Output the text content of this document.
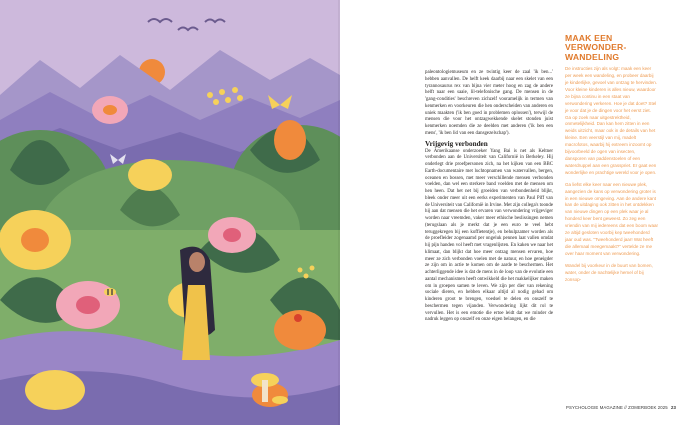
paleontologiemuseum en ze twintig keer de zaal 'ik ben...' hebben aanvallen. De helft keek daarbij naar een skelet van een tyrannosaurus rex van bijna vier meter hoog en zag de andere helft naar een saaie, lil-telefonische gang. De mensen in de 'gang-condities' beschreven zichzelf vooramelijk in termen van kenmerken en voorkeuren die hen onderscheiden van anderen en uniek maakten ('ik ben goed in problemen oplossen'), terwijl de mensen die voor het ontzagwekkende skelet stonden juist kenmerken noemden die ze deelden met anderen ('ik ben een mens', 'ik ben lid van een dansgezelschap').

Vrijgevig verbonden

De Amerikaanse onderzoeker Yang Bai is net als Keltner verbonden aan de Universiteit van Californië in Berkeley. Hij onderlegt drie proefpersonen zich, na het kijken van een BBC Earth-documentaire met luchtopnamen van watervallen, bergen, oceanen en bossen, met meer verschillende mensen verbonden voelden, dan wel een sterkere band voelden met de mensen om hen heen. Dat het net bij groeiden van verbondenheid blijkt, bleek onder meer uit een eerks experimenten van Paul Piff van de Universiteit van Californië in Irvine. Met zijn collega's toonde hij aan dat mensen die het ervaren van verwondering vrijgeviger worden naar vreemden, vaker meer ethische beslissingen nemen (terugslaan als je merkt dat je een euro te veel hebt teruggekregen bij een koffietentje), en behulpzamer worden als de proefleider zogenaamd per ongeluk pennen laat vallen omdat hij pijn handen vol heeft met vragenlijsten. En kaken we naar het klimaat, dan blijkt dat hoe meer ontzag mensen ervaren, hoe meer ze zich verbonden voelen met de natuur, en hoe geneigder ze zijn om in actie te komen om de aarde te beschermen. Het achterliggende idee is dat de mens in de loop van de evolutie een aantal mechanismen heeft ontwikkeld die het makkelijker maken om in groepen samen te leven. We zijn per dier van rekening sociale dieren, en hebben elkaar altijd al nodig gehad om kinderen groot te brengen, voedsel te delen en onszelf te beschermen tegen vijanden. Verwondering lijkt dit rol te vervullen. Het is een emotie die ertoe leidt dat we minder de nadruk leggen op onszelf en onze eigen belangen, en die

MAAK EEN VERWONDER-WANDELING

De instructies zijn als volgt: maak een keer per week een wandeling, en probeer daarbij je kinderlijke, gevoel van ontzag te hervinden. Voor kleine kinderen is alles nieuw, waardoor ze bijna continu in een staat van verwondering verkeren. Hoe je dat doet? Stel je voor dat je de dingen voor het eerst ziet. Ga op zoek naar uitgestrektheid, onmetelijkheid. Dan kan hem zitten in een weids uitzicht, maar ook in de details van het kleine. Een veerstijl van mij, madelt macrofotos, waarbij hij extreem inzoomt op bijvoorbeeld de ogen van insecten, dansporen van paddenstoelen of een waterdruppel aan een grasspriet. Er gaat een wonderlijke en prachtige wereld voor je open.

Ga liefst elke keer naar een nieuwe plek, aangezien de kans op verwondering groter is in een nieuwe omgeving. Aan de andere kant kan de uitdaging ook zitten in het ontdekken van nieuwe dingen op een plek waar je al honderd keer bent geweest. Zo zeg een vriendin van mij iedereens dat een boom waar ze altijd gesloten voorbij kep tweehonderd jaar oud was. "Tweehonderd jaar! Wat heeft die allemaal meegemaakt?" vertelde ze me over haar moment van verwondering.

Wandel bij voorkeur in de buurt van bomen, water, onder de nachtelijke hemel of bij zonsop-

PSYCHOLOGIE MAGAZINE // ZOMERBOEK 2025 23
